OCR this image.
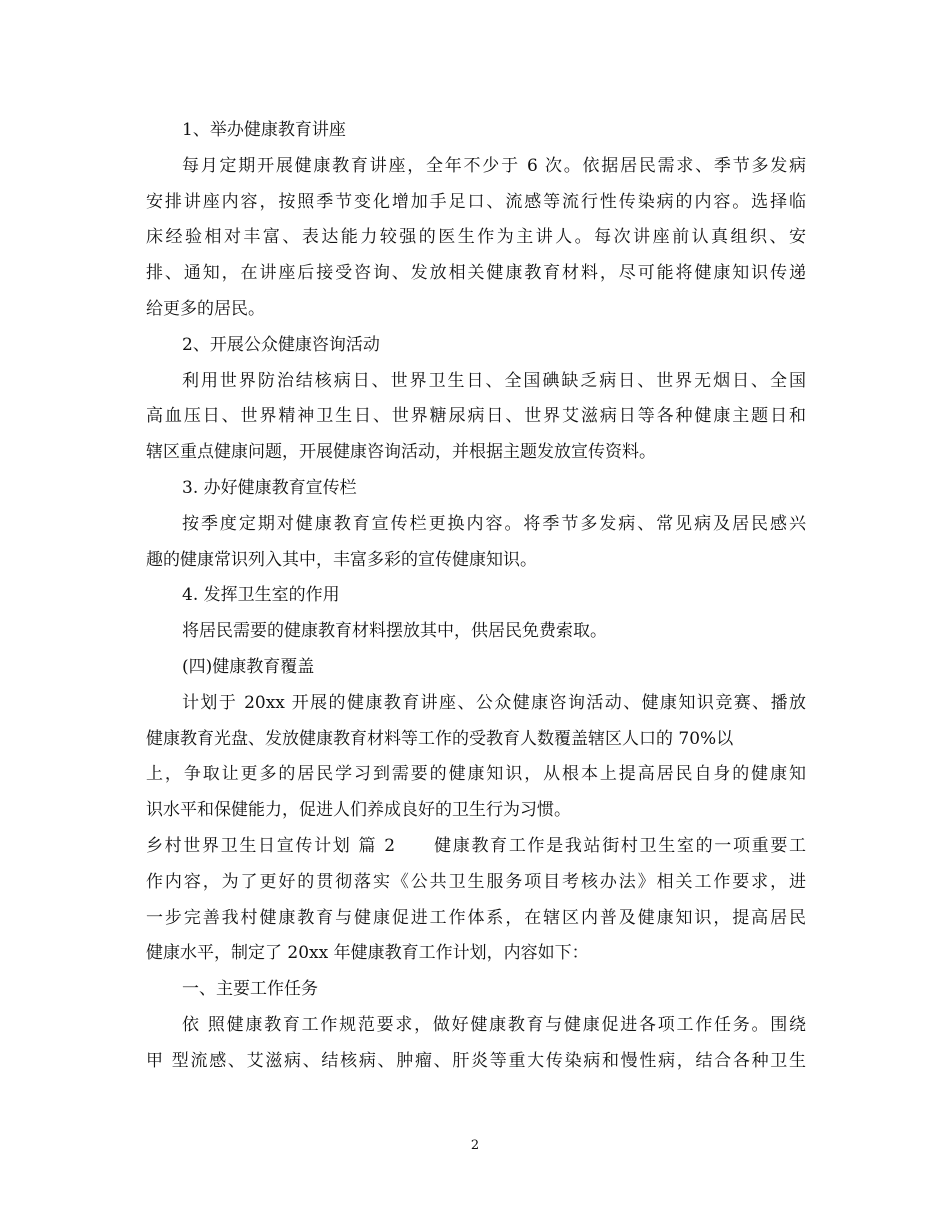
1、举办健康教育讲座
每月定期开展健康教育讲座，全年不少于 6 次。依据居民需求、季节多发病
安排讲座内容，按照季节变化增加手足口、流感等流行性传染病的内容。选择临
床经验相对丰富、表达能力较强的医生作为主讲人。每次讲座前认真组织、安
排、通知，在讲座后接受咨询、发放相关健康教育材料，尽可能将健康知识传递
给更多的居民。
2、开展公众健康咨询活动
利用世界防治结核病日、世界卫生日、全国碘缺乏病日、世界无烟日、全国
高血压日、世界精神卫生日、世界糖尿病日、世界艾滋病日等各种健康主题日和
辖区重点健康问题，开展健康咨询活动，并根据主题发放宣传资料。
3. 办好健康教育宣传栏
按季度定期对健康教育宣传栏更换内容。将季节多发病、常见病及居民感兴
趣的健康常识列入其中，丰富多彩的宣传健康知识。
4. 发挥卫生室的作用
将居民需要的健康教育材料摆放其中，供居民免费索取。
(四)健康教育覆盖
计划于 20xx 开展的健康教育讲座、公众健康咨询活动、健康知识竞赛、播放
健康教育光盘、发放健康教育材料等工作的受教育人数覆盖辖区人口的 70%以
上，争取让更多的居民学习到需要的健康知识，从根本上提高居民自身的健康知
识水平和保健能力，促进人们养成良好的卫生行为习惯。
乡村世界卫生日宣传计划 篇 2　　健康教育工作是我站街村卫生室的一项重要工
作内容，为了更好的贯彻落实《公共卫生服务项目考核办法》相关工作要求，进
一步完善我村健康教育与健康促进工作体系，在辖区内普及健康知识，提高居民
健康水平，制定了 20xx 年健康教育工作计划，内容如下：
一、主要工作任务
依 照健康教育工作规范要求，做好健康教育与健康促进各项工作任务。围绕
甲 型流感、艾滋病、结核病、肿瘤、肝炎等重大传染病和慢性病，结合各种卫生
2
